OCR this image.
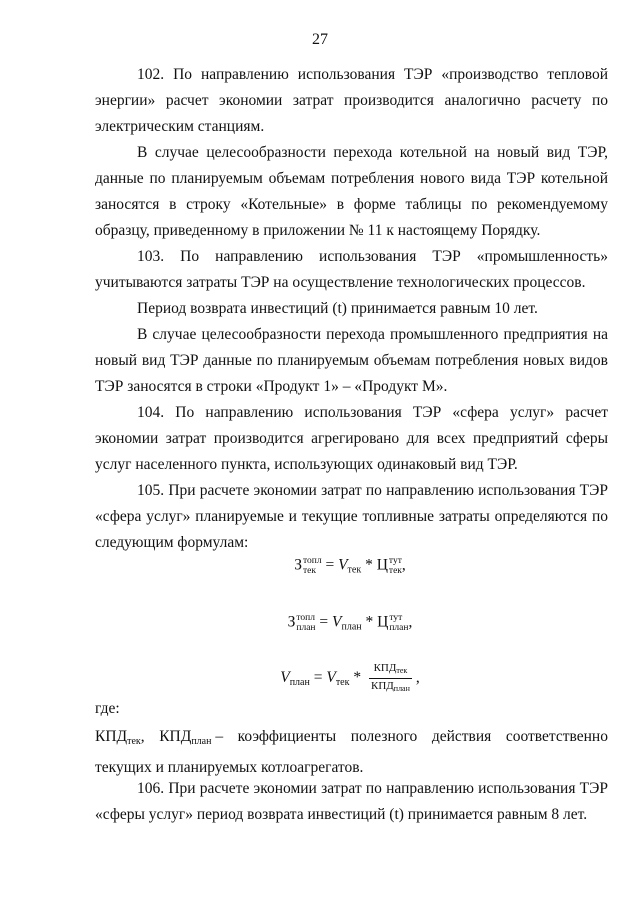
27
102. По направлению использования ТЭР «производство тепловой энергии» расчет экономии затрат производится аналогично расчету по электрическим станциям.
В случае целесообразности перехода котельной на новый вид ТЭР, данные по планируемым объемам потребления нового вида ТЭР котельной заносятся в строку «Котельные» в форме таблицы по рекомендуемому образцу, приведенному в приложении № 11 к настоящему Порядку.
103. По направлению использования ТЭР «промышленность» учитываются затраты ТЭР на осуществление технологических процессов.
Период возврата инвестиций (t) принимается равным 10 лет.
В случае целесообразности перехода промышленного предприятия на новый вид ТЭР данные по планируемым объемам потребления новых видов ТЭР заносятся в строки «Продукт 1» – «Продукт М».
104. По направлению использования ТЭР «сфера услуг» расчет экономии затрат производится агрегировано для всех предприятий сферы услуг населенного пункта, использующих одинаковый вид ТЭР.
105. При расчете экономии затрат по направлению использования ТЭР «сфера услуг» планируемые и текущие топливные затраты определяются по следующим формулам:
З топл
тек = $V_{тек}$ * Ц тут
тек ,
З топл
план = $V_{план}$ * Ц тут
план ,
$V_{план} = V_{тек} * \frac{КПД_{тек}}{КПД_{план}}$ ,
где:
$КПД_{тек}$, $КПД_{план}$ – коэффициенты полезного действия соответственно
текущих и планируемых котлоагрегатов.
106. При расчете экономии затрат по направлению использования ТЭР «сферы услуг» период возврата инвестиций (t) принимается равным 8 лет.
